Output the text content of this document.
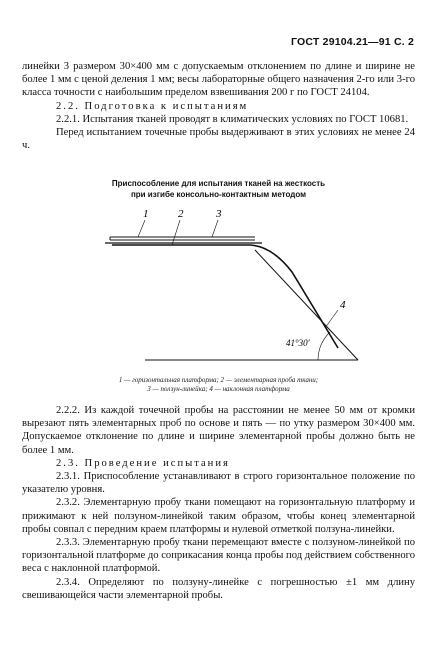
ГОСТ 29104.21—91 С. 2

линейки 3 размером 30×400 мм с допускаемым отклонением по длине и ширине не более 1 мм с ценой деления 1 мм; весы лабораторные общего назначения 2-го или 3-го класса точности с наибольшим пределом взвешивания 200 г по ГОСТ 24104.

2.2. Подготовка к испытаниям

2.2.1. Испытания тканей проводят в климатических условиях по ГОСТ 10681.

Перед испытанием точечные пробы выдерживают в этих условиях не менее 24 ч.

Приспособление для испытания тканей на жесткость
при изгибе консольно-контактным методом
1	2	3
4
41°30'
1 — горизонтальная платформа; 2 — элементарная проба ткани;
3 — ползун-линейка; 4 — наклонная платформа

2.2.2. Из каждой точечной пробы на расстоянии не менее 50 мм от кромки вырезают пять элементарных проб по основе и пять — по утку размером 30×400 мм. Допускаемое отклонение по длине и ширине элементарной пробы должно быть не более 1 мм.

2.3. Проведение испытания

2.3.1. Приспособление устанавливают в строго горизонтальное положение по указателю уровня.

2.3.2. Элементарную пробу ткани помещают на горизонтальную платформу и прижимают к ней ползуном-линейкой таким образом, чтобы конец элементарной пробы совпал с передним краем платформы и нулевой отметкой ползуна-линейки.

2.3.3. Элементарную пробу ткани перемещают вместе с ползуном-линейкой по горизонтальной платформе до соприкасания конца пробы под действием собственного веса с наклонной платформой.

2.3.4. Определяют по ползуну-линейке с погрешностью ±1 мм длину свешивающейся части элементарной пробы.
